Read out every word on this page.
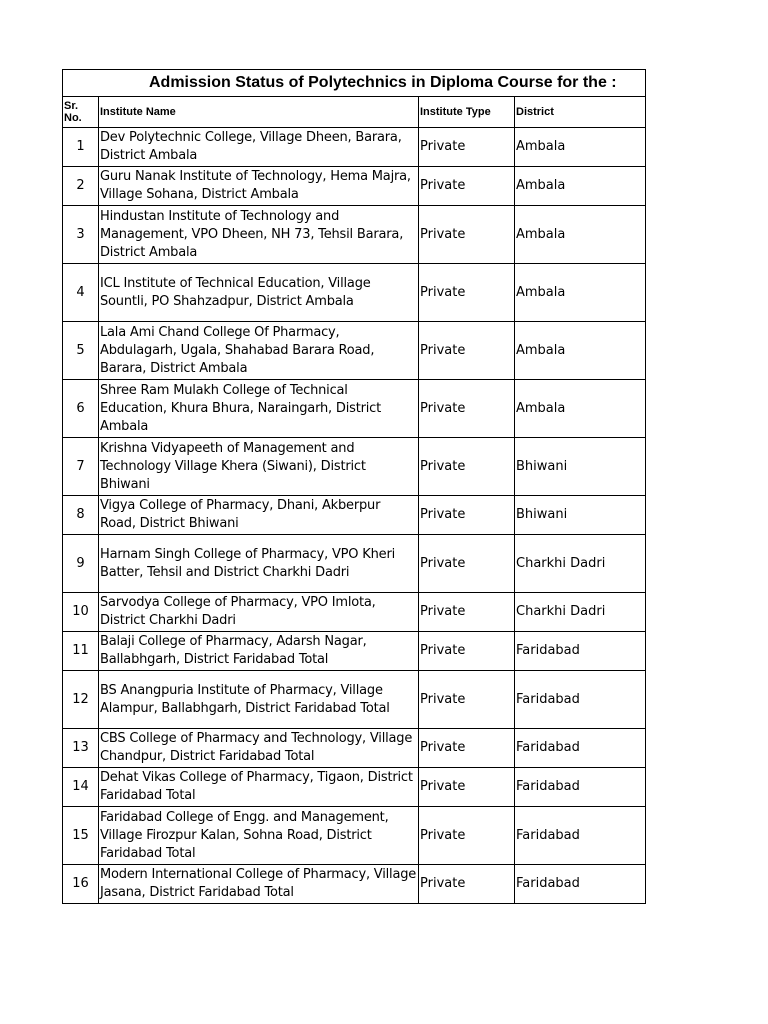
Admission Status of Polytechnics in Diploma Course for the :			
Sr. No.	Institute Name	Institute Type	District
1	Dev Polytechnic College, Village Dheen, Barara, District Ambala	Private	Ambala
2	Guru Nanak Institute of Technology, Hema Majra, Village Sohana, District Ambala	Private	Ambala
3	Hindustan Institute of Technology and Management, VPO Dheen, NH 73, Tehsil Barara, District Ambala	Private	Ambala
4	ICL Institute of Technical Education, Village Sountli, PO Shahzadpur, District Ambala	Private	Ambala
5	Lala Ami Chand College Of Pharmacy, Abdulagarh, Ugala, Shahabad Barara Road, Barara, District Ambala	Private	Ambala
6	Shree Ram Mulakh College of Technical Education, Khura Bhura, Naraingarh, District Ambala	Private	Ambala
7	Krishna Vidyapeeth of Management and Technology Village Khera (Siwani), District Bhiwani	Private	Bhiwani
8	Vigya College of Pharmacy, Dhani, Akberpur Road, District Bhiwani	Private	Bhiwani
9	Harnam Singh College of Pharmacy, VPO Kheri Batter, Tehsil and District Charkhi Dadri	Private	Charkhi Dadri
10	Sarvodya College of Pharmacy, VPO Imlota, District Charkhi Dadri	Private	Charkhi Dadri
11	Balaji College of Pharmacy, Adarsh Nagar, Ballabhgarh, District Faridabad Total	Private	Faridabad
12	BS Anangpuria Institute of Pharmacy, Village Alampur, Ballabhgarh, District Faridabad Total	Private	Faridabad
13	CBS College of Pharmacy and Technology, Village Chandpur, District Faridabad Total	Private	Faridabad
14	Dehat Vikas College of Pharmacy, Tigaon, District Faridabad Total	Private	Faridabad
15	Faridabad College of Engg. and Management, Village Firozpur Kalan, Sohna Road, District Faridabad Total	Private	Faridabad
16	Modern International College of Pharmacy, Village Jasana, District Faridabad Total	Private	Faridabad
